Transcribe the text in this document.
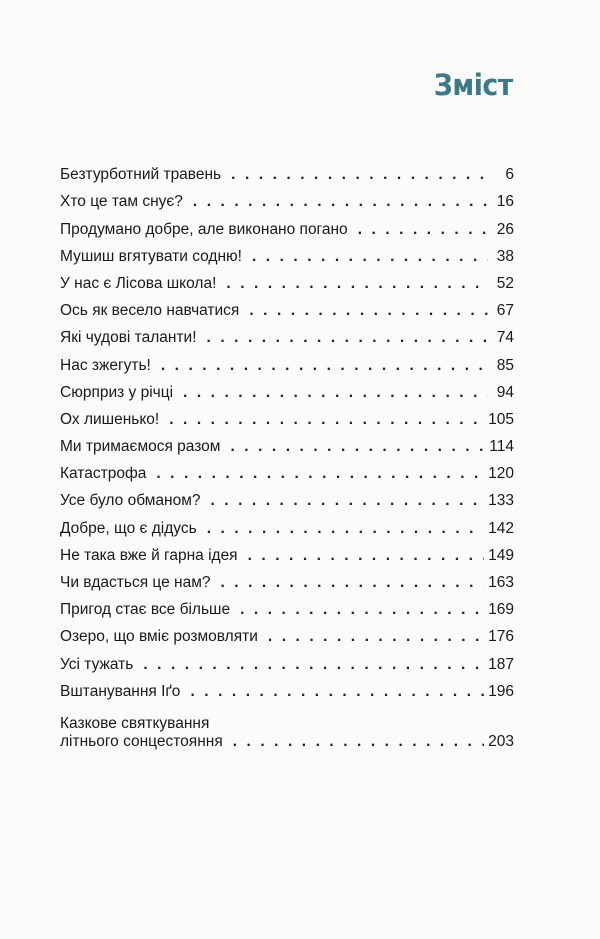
Зміст
Безтурботний травень . . .	6
Хто це там снує? . . .	16
Продумано добре, але виконано погано . . .	26
Мушиш вгятувати содню! . . .	38
У нас є Лісова школа! . . .	52
Ось як весело навчатися . . .	67
Які чудові таланти! . . .	74
Нас зжегуть! . . .	85
Сюрприз у річці . . .	94
Ох лишенько! . . .	105
Ми тримаємося разом . . .	114
Катастрофа . . .	120
Усе було обманом? . . .	133
Добре, що є дідусь . . .	142
Не така вже й гарна ідея . . .	149
Чи вдасться це нам? . . .	163
Пригод стає все більше . . .	169
Озеро, що вміє розмовляти . . .	176
Усі тужать . . .	187
Вштанування Іґо . . .	196
Казкове святкування
літнього сонцестояння . . .	203
